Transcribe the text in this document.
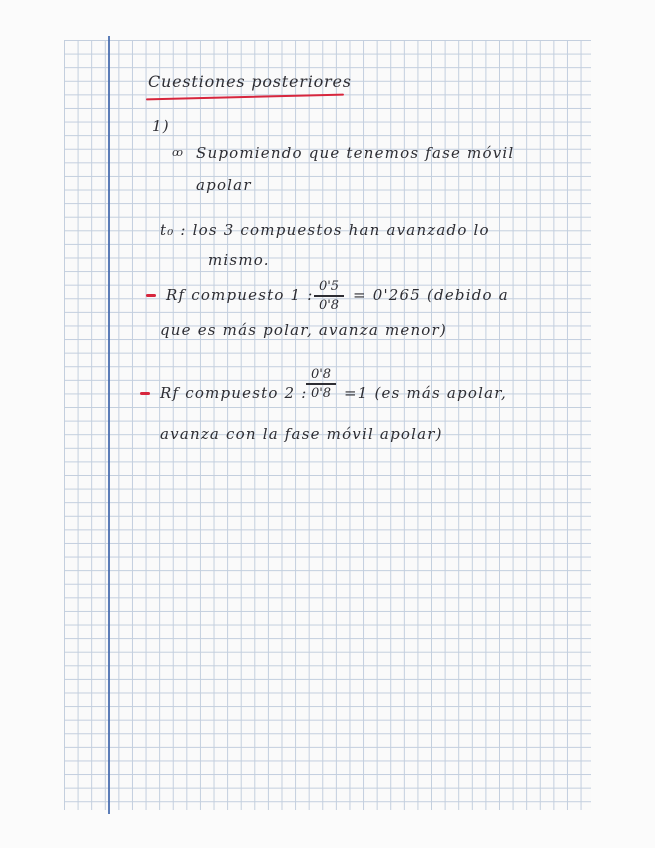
Cuestiones posteriores
1)
ꝏ Supomiendo que tenemos fase móvil
apolar
t₀ : los 3 compuestos han avanzado lo
mismo.
Rf compuesto 1 : 0'5
0'8
= 0'265 (debido a
que es más polar, avanza menor)
Rf compuesto 2 :
0'8
0'8 =1 (es más apolar,
avanza con la fase móvil apolar)
